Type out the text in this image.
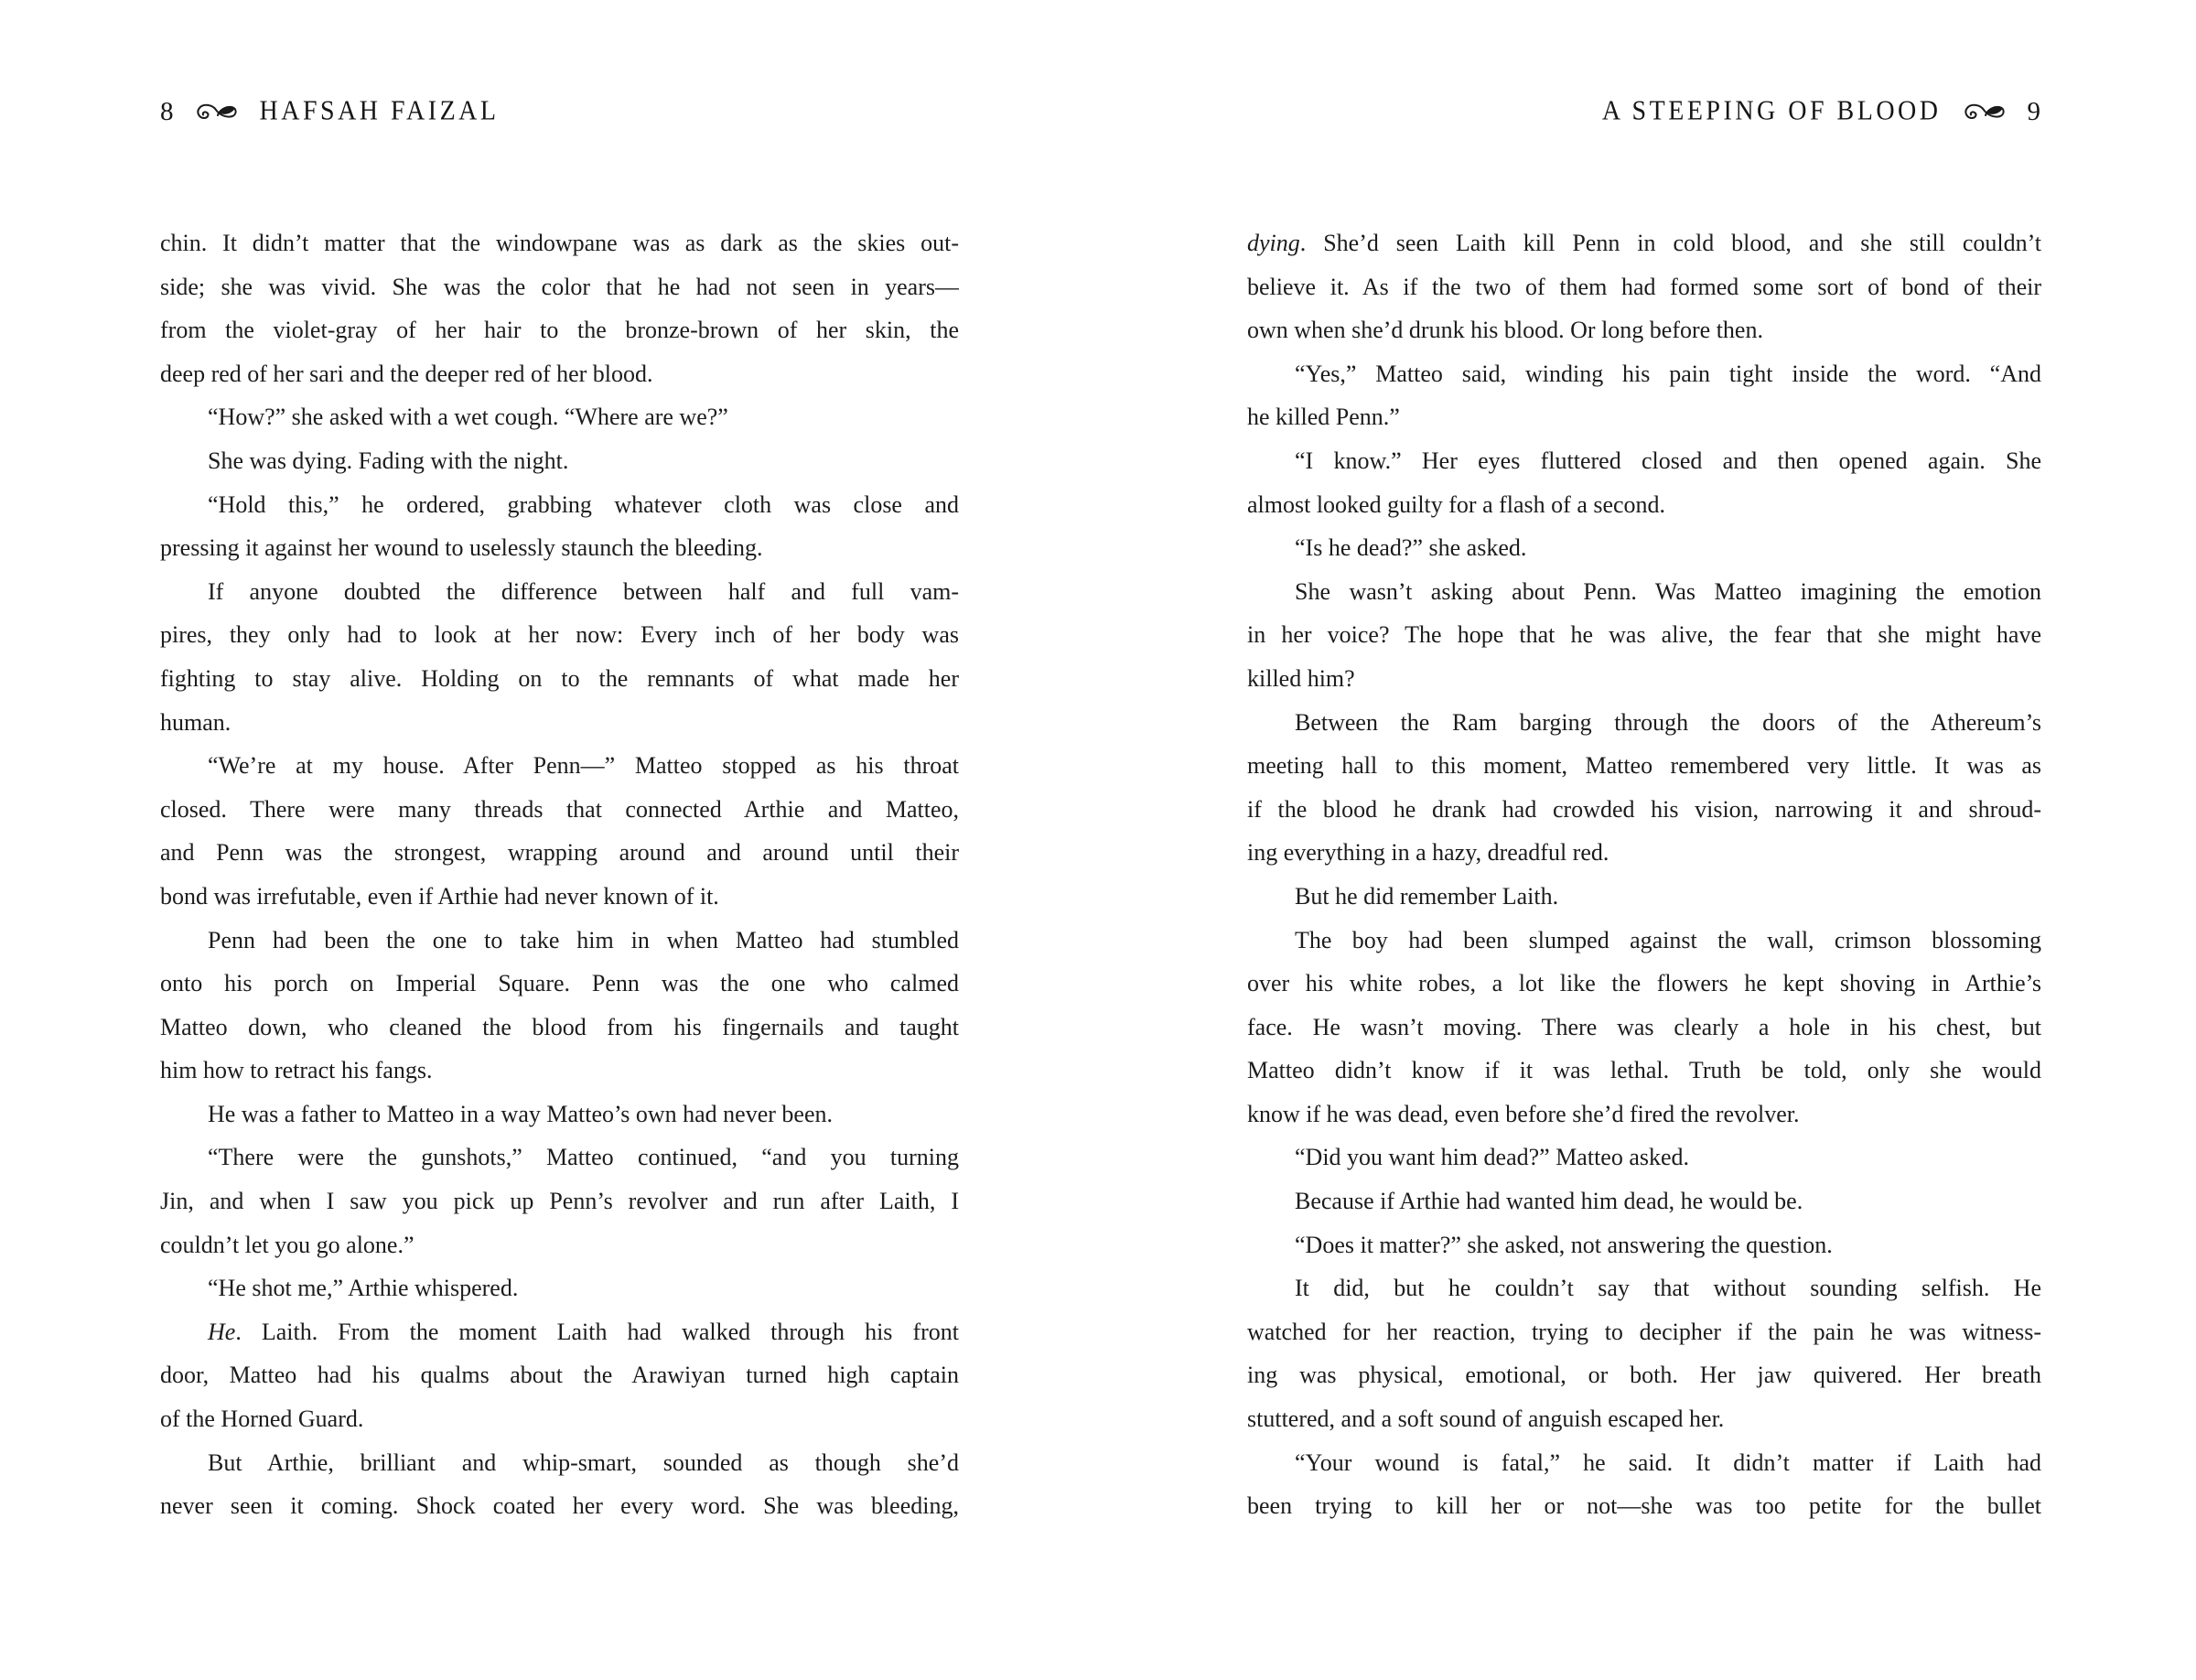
8	HAFSAH FAIZAL	A STEEPING OF BLOOD	9
chin. It didn’t matter that the windowpane was as dark as the skies out-
side; she was vivid. She was the color that he had not seen in years—
from the violet-gray of her hair to the bronze-brown of her skin, the
deep red of her sari and the deeper red of her blood.
“How?” she asked with a wet cough. “Where are we?”
She was dying. Fading with the night.
“Hold this,” he ordered, grabbing whatever cloth was close and
pressing it against her wound to uselessly staunch the bleeding.
If anyone doubted the difference between half and full vam-
pires, they only had to look at her now: Every inch of her body was
fighting to stay alive. Holding on to the remnants of what made her
human.
“We’re at my house. After Penn—” Matteo stopped as his throat
closed. There were many threads that connected Arthie and Matteo,
and Penn was the strongest, wrapping around and around until their
bond was irrefutable, even if Arthie had never known of it.
Penn had been the one to take him in when Matteo had stumbled
onto his porch on Imperial Square. Penn was the one who calmed
Matteo down, who cleaned the blood from his fingernails and taught
him how to retract his fangs.
He was a father to Matteo in a way Matteo’s own had never been.
“There were the gunshots,” Matteo continued, “and you turning
Jin, and when I saw you pick up Penn’s revolver and run after Laith, I
couldn’t let you go alone.”
“He shot me,” Arthie whispered.
He. Laith. From the moment Laith had walked through his front
door, Matteo had his qualms about the Arawiyan turned high captain
of the Horned Guard.
But Arthie, brilliant and whip-smart, sounded as though she’d
never seen it coming. Shock coated her every word. She was bleeding,
dying. She’d seen Laith kill Penn in cold blood, and she still couldn’t
believe it. As if the two of them had formed some sort of bond of their
own when she’d drunk his blood. Or long before then.
“Yes,” Matteo said, winding his pain tight inside the word. “And
he killed Penn.”
“I know.” Her eyes fluttered closed and then opened again. She
almost looked guilty for a flash of a second.
“Is he dead?” she asked.
She wasn’t asking about Penn. Was Matteo imagining the emotion
in her voice? The hope that he was alive, the fear that she might have
killed him?
Between the Ram barging through the doors of the Athereum’s
meeting hall to this moment, Matteo remembered very little. It was as
if the blood he drank had crowded his vision, narrowing it and shroud-
ing everything in a hazy, dreadful red.
But he did remember Laith.
The boy had been slumped against the wall, crimson blossoming
over his white robes, a lot like the flowers he kept shoving in Arthie’s
face. He wasn’t moving. There was clearly a hole in his chest, but
Matteo didn’t know if it was lethal. Truth be told, only she would
know if he was dead, even before she’d fired the revolver.
“Did you want him dead?” Matteo asked.
Because if Arthie had wanted him dead, he would be.
“Does it matter?” she asked, not answering the question.
It did, but he couldn’t say that without sounding selfish. He
watched for her reaction, trying to decipher if the pain he was witness-
ing was physical, emotional, or both. Her jaw quivered. Her breath
stuttered, and a soft sound of anguish escaped her.
“Your wound is fatal,” he said. It didn’t matter if Laith had
been trying to kill her or not—she was too petite for the bullet
